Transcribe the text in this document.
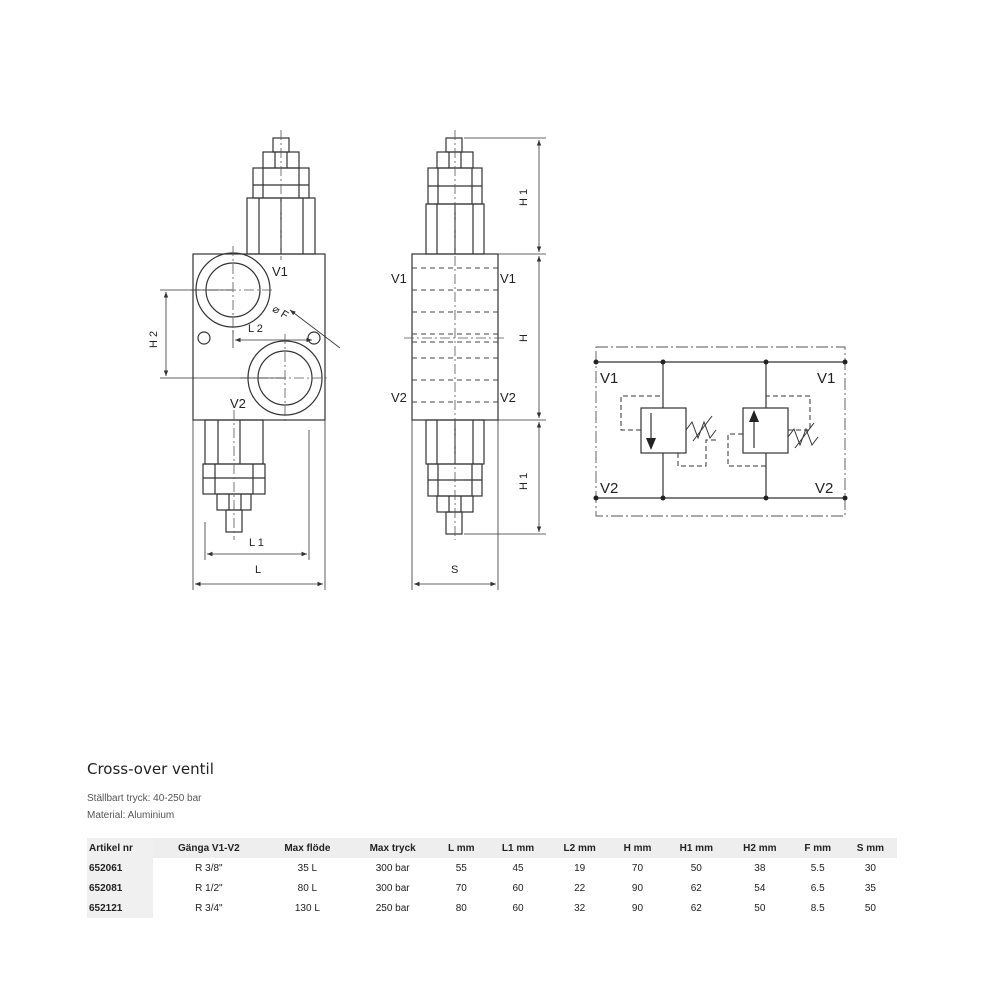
V1
V2
⌀ F
L 2
H 2
L 1
L
V1	V1
V2	V2
H 1
H
H 1
S
V1	V1
V2	V2
Cross-over ventil
Ställbart tryck: 40-250 bar
Material: Aluminium
Artikel nr	Gänga V1-V2	Max flöde	Max tryck	L mm	L1 mm	L2 mm	H mm	H1 mm	H2 mm	F mm	S mm
652061	R 3/8"	35 L	300 bar	55	45	19	70	50	38	5.5	30
652081	R 1/2"	80 L	300 bar	70	60	22	90	62	54	6.5	35
652121	R 3/4"	130 L	250 bar	80	60	32	90	62	50	8.5	50
